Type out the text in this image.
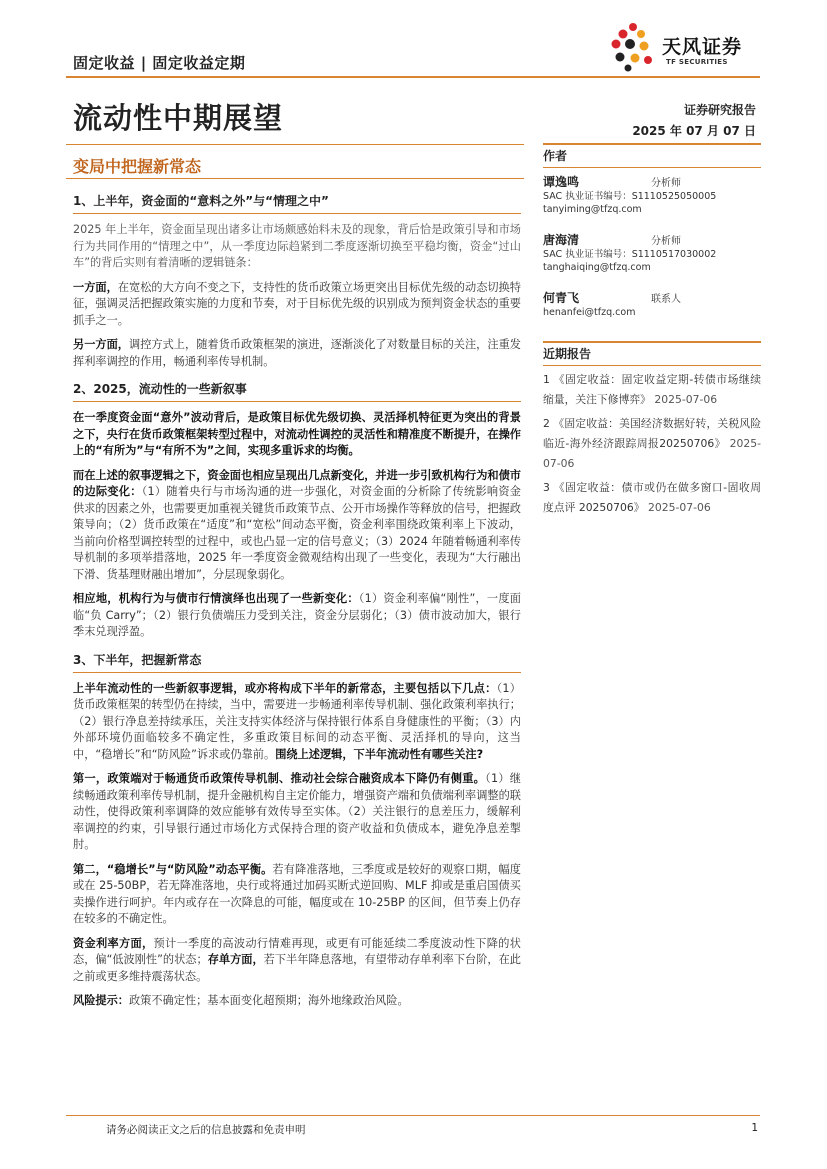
固定收益 | 固定收益定期
天风证券
TF SECURITIES
流动性中期展望	证券研究报告
2025 年 07 月 07 日
变局中把握新常态
1、上半年，资金面的“意料之外”与“情理之中”

2025 年上半年，资金面呈现出诸多让市场颇感始料未及的现象，背后恰是政策引导和市场行为共同作用的“情理之中”，从一季度边际趋紧到二季度逐渐切换至平稳均衡，资金“过山车”的背后实则有着清晰的逻辑链条：

一方面，在宽松的大方向不变之下，支持性的货币政策立场更突出目标优先级的动态切换特征，强调灵活把握政策实施的力度和节奏，对于目标优先级的识别成为预判资金状态的重要抓手之一。

另一方面，调控方式上，随着货币政策框架的演进，逐渐淡化了对数量目标的关注，注重发挥利率调控的作用，畅通利率传导机制。

2、2025，流动性的一些新叙事

在一季度资金面“意外”波动背后，是政策目标优先级切换、灵活择机特征更为突出的背景之下，央行在货币政策框架转型过程中，对流动性调控的灵活性和精准度不断提升，在操作上的“有所为”与“有所不为”之间，实现多重诉求的均衡。

而在上述的叙事逻辑之下，资金面也相应呈现出几点新变化，并进一步引致机构行为和债市的边际变化：（1）随着央行与市场沟通的进一步强化，对资金面的分析除了传统影响资金供求的因素之外，也需要更加重视关键货币政策节点、公开市场操作等释放的信号，把握政策导向；（2）货币政策在“适度”和“宽松”间动态平衡，资金利率围绕政策利率上下波动，当前向价格型调控转型的过程中，或也凸显一定的信号意义；（3）2024 年随着畅通利率传导机制的多项举措落地，2025 年一季度资金微观结构出现了一些变化，表现为“大行融出下滑、货基理财融出增加”，分层现象弱化。

相应地，机构行为与债市行情演绎也出现了一些新变化：（1）资金利率偏“刚性”，一度面临“负 Carry”；（2）银行负债端压力受到关注，资金分层弱化；（3）债市波动加大，银行季末兑现浮盈。

3、下半年，把握新常态

上半年流动性的一些新叙事逻辑，或亦将构成下半年的新常态，主要包括以下几点：（1）货币政策框架的转型仍在持续，当中，需要进一步畅通利率传导机制、强化政策利率执行；（2）银行净息差持续承压，关注支持实体经济与保持银行体系自身健康性的平衡；（3）内外部环境仍面临较多不确定性，多重政策目标间的动态平衡、灵活择机的导向，这当中，“稳增长”和“防风险”诉求或仍靠前。围绕上述逻辑，下半年流动性有哪些关注?

第一，政策端对于畅通货币政策传导机制、推动社会综合融资成本下降仍有侧重。（1）继续畅通政策利率传导机制，提升金融机构自主定价能力，增强资产端和负债端利率调整的联动性，使得政策利率调降的效应能够有效传导至实体。（2）关注银行的息差压力，缓解利率调控的约束，引导银行通过市场化方式保持合理的资产收益和负债成本，避免净息差掣肘。

第二，“稳增长”与“防风险”动态平衡。若有降准落地，三季度或是较好的观察口期，幅度或在 25-50BP，若无降准落地，央行或将通过加码买断式逆回购、MLF 抑或是重启国债买卖操作进行呵护。年内或存在一次降息的可能，幅度或在 10-25BP 的区间，但节奏上仍存在较多的不确定性。

资金利率方面，预计一季度的高波动行情难再现，或更有可能延续二季度波动性下降的状态，偏“低波刚性”的状态；存单方面，若下半年降息落地，有望带动存单利率下台阶，在此之前或更多维持震荡状态。

风险提示：政策不确定性；基本面变化超预期；海外地缘政治风险。

作者
谭逸鸣	分析师
SAC 执业证书编号：S1110525050005
tanyiming@tfzq.com
唐海清	分析师
SAC 执业证书编号：S1110517030002
tanghaiqing@tfzq.com
何青飞	联系人
henanfei@tfzq.com
近期报告
1 《固定收益：固定收益定期-转债市场继续缩量，关注下修博弈》 2025-07-06
2 《固定收益：美国经济数据好转，关税风险临近-海外经济跟踪周报20250706》 2025-07-06
3 《固定收益：债市或仍在做多窗口-固收周度点评 20250706》 2025-07-06
请务必阅读正文之后的信息披露和免责申明	1
